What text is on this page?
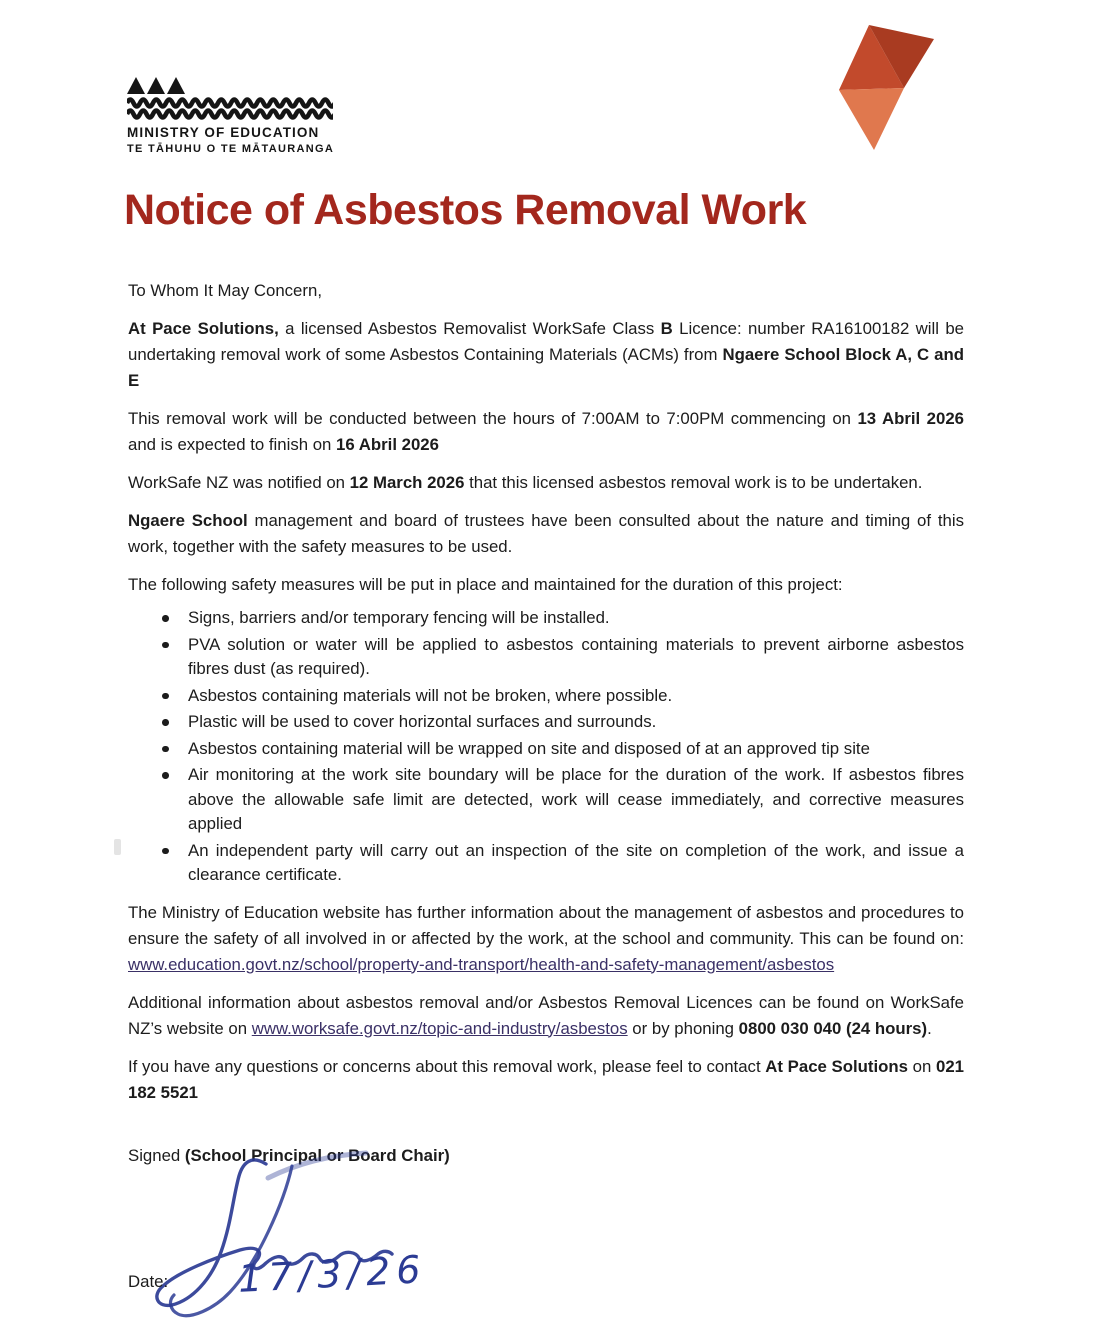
MINISTRY OF EDUCATION
TE TĀHUHU O TE MĀTAURANGA
Notice of Asbestos Removal Work

To Whom It May Concern,

At Pace Solutions, a licensed Asbestos Removalist WorkSafe Class B Licence: number RA16100182 will be undertaking removal work of some Asbestos Containing Materials (ACMs) from Ngaere School Block A, C and E

This removal work will be conducted between the hours of 7:00AM to 7:00PM commencing on 13 Abril 2026 and is expected to finish on 16 Abril 2026

WorkSafe NZ was notified on 12 March 2026 that this licensed asbestos removal work is to be undertaken.

Ngaere School management and board of trustees have been consulted about the nature and timing of this work, together with the safety measures to be used.

The following safety measures will be put in place and maintained for the duration of this project:

Signs, barriers and/or temporary fencing will be installed.
PVA solution or water will be applied to asbestos containing materials to prevent airborne asbestos fibres dust (as required).
Asbestos containing materials will not be broken, where possible.
Plastic will be used to cover horizontal surfaces and surrounds.
Asbestos containing material will be wrapped on site and disposed of at an approved tip site
Air monitoring at the work site boundary will be place for the duration of the work. If asbestos fibres above the allowable safe limit are detected, work will cease immediately, and corrective measures applied
An independent party will carry out an inspection of the site on completion of the work, and issue a clearance certificate.

The Ministry of Education website has further information about the management of asbestos and procedures to ensure the safety of all involved in or affected by the work, at the school and community. This can be found on: www.education.govt.nz/school/property-and-transport/health-and-safety-management/asbestos

Additional information about asbestos removal and/or Asbestos Removal Licences can be found on WorkSafe NZ’s website on www.worksafe.govt.nz/topic-and-industry/asbestos or by phoning 0800 030 040 (24 hours).

If you have any questions or concerns about this removal work, please feel to contact At Pace Solutions on 021 182 5521

Signed (School Principal or Board Chair)
Date: 17/3/26
